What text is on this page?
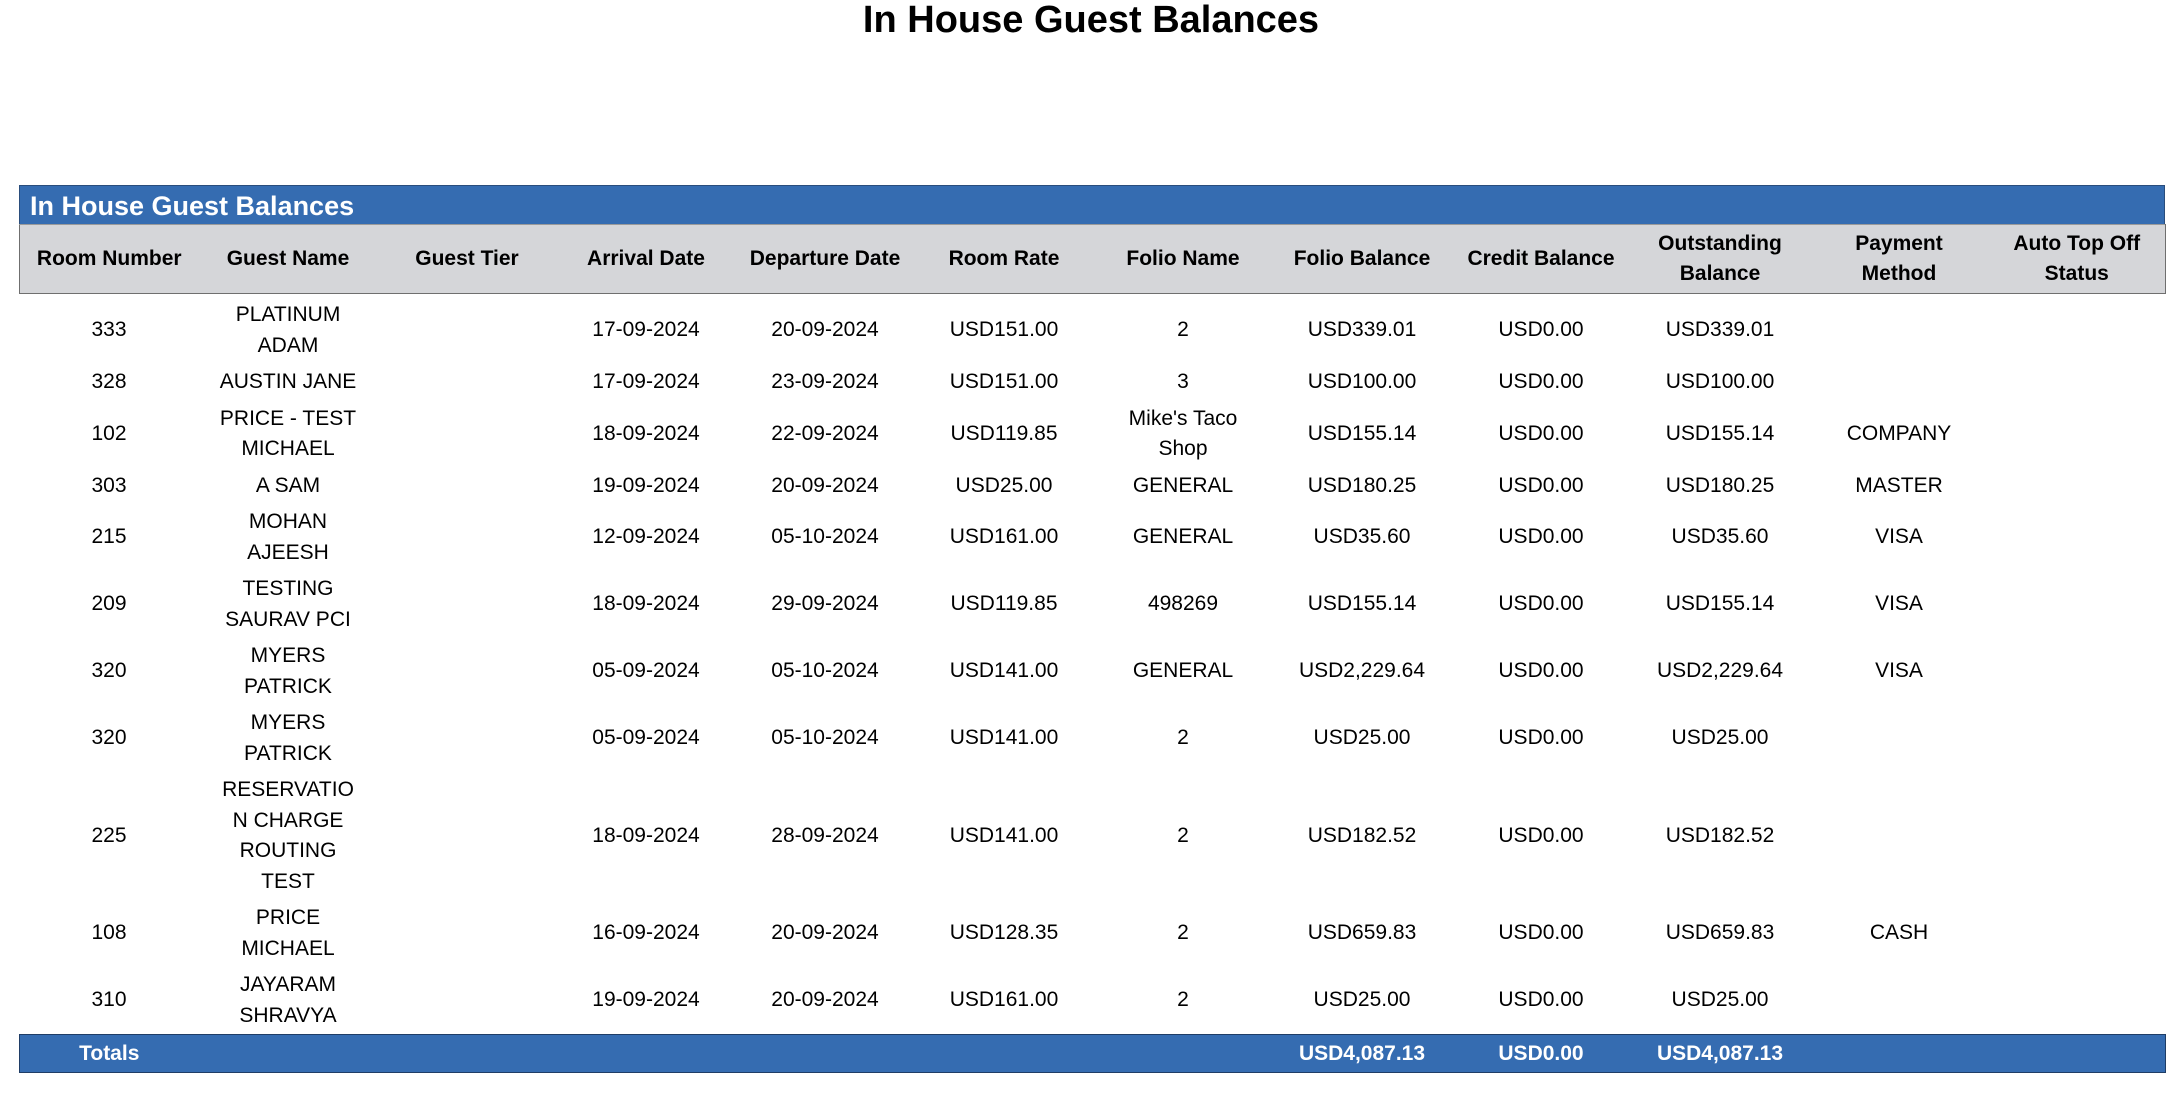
In House Guest Balances
In House Guest Balances
Room Number	Guest Name	Guest Tier	Arrival Date	Departure Date	Room Rate	Folio Name	Folio Balance	Credit Balance	Outstanding Balance	Payment Method	Auto Top Off Status
333	PLATINUM ADAM		17-09-2024	20-09-2024	USD151.00	2	USD339.01	USD0.00	USD339.01		
328	AUSTIN JANE		17-09-2024	23-09-2024	USD151.00	3	USD100.00	USD0.00	USD100.00		
102	PRICE - TEST MICHAEL		18-09-2024	22-09-2024	USD119.85	Mike's Taco Shop	USD155.14	USD0.00	USD155.14	COMPANY	
303	A SAM		19-09-2024	20-09-2024	USD25.00	GENERAL	USD180.25	USD0.00	USD180.25	MASTER	
215	MOHAN AJEESH		12-09-2024	05-10-2024	USD161.00	GENERAL	USD35.60	USD0.00	USD35.60	VISA	
209	TESTING SAURAV PCI		18-09-2024	29-09-2024	USD119.85	498269	USD155.14	USD0.00	USD155.14	VISA	
320	MYERS PATRICK		05-09-2024	05-10-2024	USD141.00	GENERAL	USD2,229.64	USD0.00	USD2,229.64	VISA	
320	MYERS PATRICK		05-09-2024	05-10-2024	USD141.00	2	USD25.00	USD0.00	USD25.00		
225	RESERVATION CHARGE ROUTING TEST		18-09-2024	28-09-2024	USD141.00	2	USD182.52	USD0.00	USD182.52		
108	PRICE MICHAEL		16-09-2024	20-09-2024	USD128.35	2	USD659.83	USD0.00	USD659.83	CASH	
310	JAYARAM SHRAVYA		19-09-2024	20-09-2024	USD161.00	2	USD25.00	USD0.00	USD25.00		
Totals							USD4,087.13	USD0.00	USD4,087.13		
